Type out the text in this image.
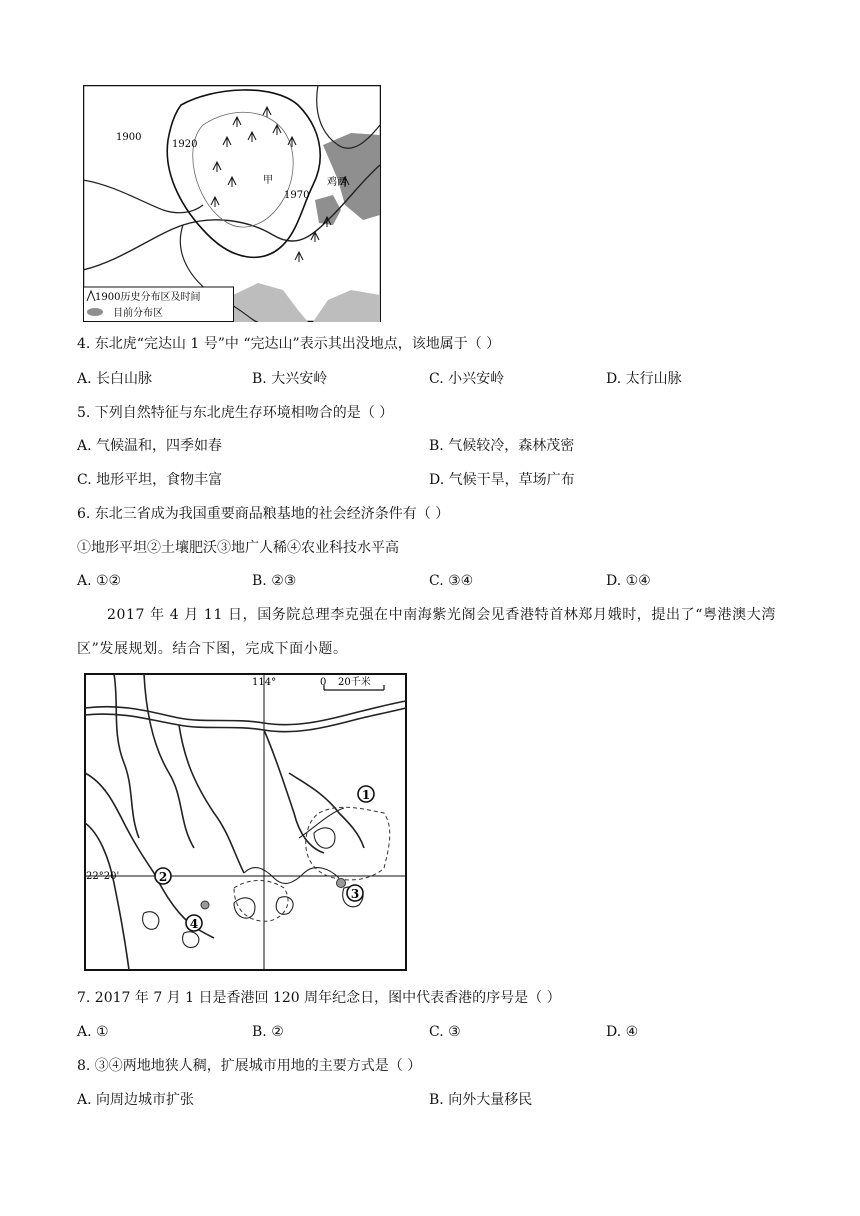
1900
1920
1970
甲	鸡西
1900历史分布区及时间
目前分布区
4. 东北虎“完达山 1 号”中 “完达山”表示其出没地点，该地属于（ ）
A. 长白山脉	B. 大兴安岭	C. 小兴安岭	D. 太行山脉
5. 下列自然特征与东北虎生存环境相吻合的是（ ）
A. 气候温和，四季如春	B. 气候较冷，森林茂密
C. 地形平坦，食物丰富	D. 气候干旱，草场广布
6. 东北三省成为我国重要商品粮基地的社会经济条件有（ ）
①地形平坦②土壤肥沃③地广人稀④农业科技水平高
A. ①②	B. ②③	C. ③④	D. ①④
2017 年 4 月 11 日，国务院总理李克强在中南海紫光阁会见香港特首林郑月娥时，提出了“粤港澳大湾区”发展规划。结合下图，完成下面小题。
0 20千米
114°
22°20'
1
2
3
4
7. 2017 年 7 月 1 日是香港回 120 周年纪念日，图中代表香港的序号是（ ）
A. ①	B. ②	C. ③	D. ④
8. ③④两地地狭人稠，扩展城市用地的主要方式是（ ）
A. 向周边城市扩张	B. 向外大量移民
